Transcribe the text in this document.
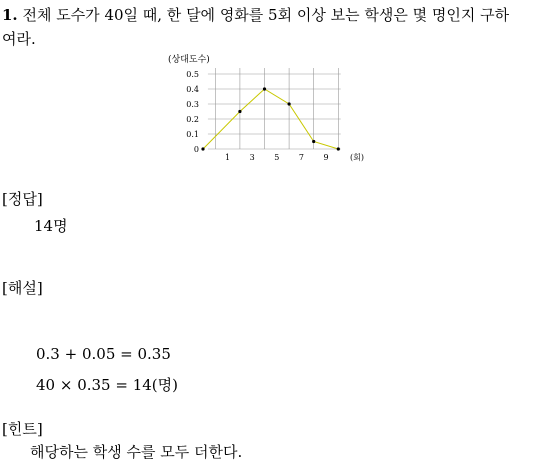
1. 전체 도수가 40일 때, 한 달에 영화를 5회 이상 보는 학생은 몇 명인지 구하
여라.
0
0.1
0.2
0.3
0.4
0.5
1 3 5 7 9
(상대도수)
(회)
[정답]
14명
[해설]
0.3 + 0.05 = 0.35
40 × 0.35 = 14(명)
[힌트]
해당하는 학생 수를 모두 더한다.
